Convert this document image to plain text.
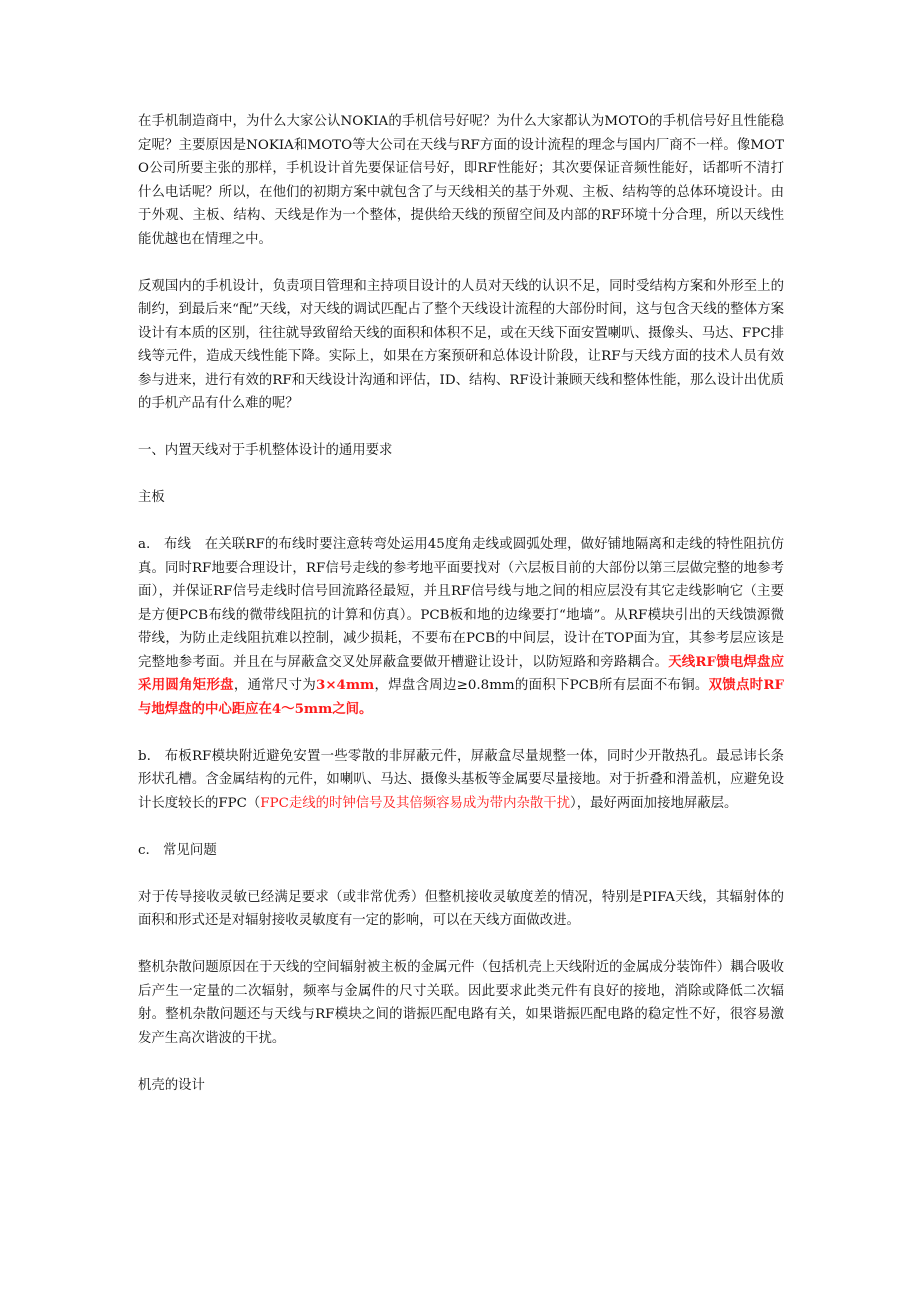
在手机制造商中，为什么大家公认NOKIA的手机信号好呢？为什么大家都认为MOTO的手机信号好且性能稳定呢？主要原因是NOKIA和MOTO等大公司在天线与RF方面的设计流程的理念与国内厂商不一样。像MOTO公司所要主张的那样，手机设计首先要保证信号好，即RF性能好；其次要保证音频性能好，话都听不清打什么电话呢？所以，在他们的初期方案中就包含了与天线相关的基于外观、主板、结构等的总体环境设计。由于外观、主板、结构、天线是作为一个整体，提供给天线的预留空间及内部的RF环境十分合理，所以天线性能优越也在情理之中。

反观国内的手机设计，负责项目管理和主持项目设计的人员对天线的认识不足，同时受结构方案和外形至上的制约，到最后来“配”天线，对天线的调试匹配占了整个天线设计流程的大部份时间，这与包含天线的整体方案设计有本质的区别，往往就导致留给天线的面积和体积不足，或在天线下面安置喇叭、摄像头、马达、FPC排线等元件，造成天线性能下降。实际上，如果在方案预研和总体设计阶段，让RF与天线方面的技术人员有效参与进来，进行有效的RF和天线设计沟通和评估，ID、结构、RF设计兼顾天线和整体性能，那么设计出优质的手机产品有什么难的呢？

一、内置天线对于手机整体设计的通用要求

主板

a.　布线　在关联RF的布线时要注意转弯处运用45度角走线或圆弧处理，做好铺地隔离和走线的特性阻抗仿真。同时RF地要合理设计，RF信号走线的参考地平面要找对（六层板目前的大部份以第三层做完整的地参考面），并保证RF信号走线时信号回流路径最短，并且RF信号线与地之间的相应层没有其它走线影响它（主要是方便PCB布线的微带线阻抗的计算和仿真）。PCB板和地的边缘要打“地墙”。从RF模块引出的天线馈源微带线，为防止走线阻抗难以控制，减少损耗，不要布在PCB的中间层，设计在TOP面为宜，其参考层应该是完整地参考面。并且在与屏蔽盒交叉处屏蔽盒要做开槽避让设计，以防短路和旁路耦合。天线RF馈电焊盘应采用圆角矩形盘，通常尺寸为3×4mm，焊盘含周边≥0.8mm的面积下PCB所有层面不布铜。双馈点时RF与地焊盘的中心距应在4～5mm之间。

b.　布板RF模块附近避免安置一些零散的非屏蔽元件，屏蔽盒尽量规整一体，同时少开散热孔。最忌讳长条形状孔槽。含金属结构的元件，如喇叭、马达、摄像头基板等金属要尽量接地。对于折叠和滑盖机，应避免设计长度较长的FPC（FPC走线的时钟信号及其倍频容易成为带内杂散干扰），最好两面加接地屏蔽层。

c.　常见问题

对于传导接收灵敏已经满足要求（或非常优秀）但整机接收灵敏度差的情况，特别是PIFA天线，其辐射体的面积和形式还是对辐射接收灵敏度有一定的影响，可以在天线方面做改进。

整机杂散问题原因在于天线的空间辐射被主板的金属元件（包括机壳上天线附近的金属成分装饰件）耦合吸收后产生一定量的二次辐射，频率与金属件的尺寸关联。因此要求此类元件有良好的接地，消除或降低二次辐射。整机杂散问题还与天线与RF模块之间的谐振匹配电路有关，如果谐振匹配电路的稳定性不好，很容易激发产生高次谐波的干扰。

机壳的设计
